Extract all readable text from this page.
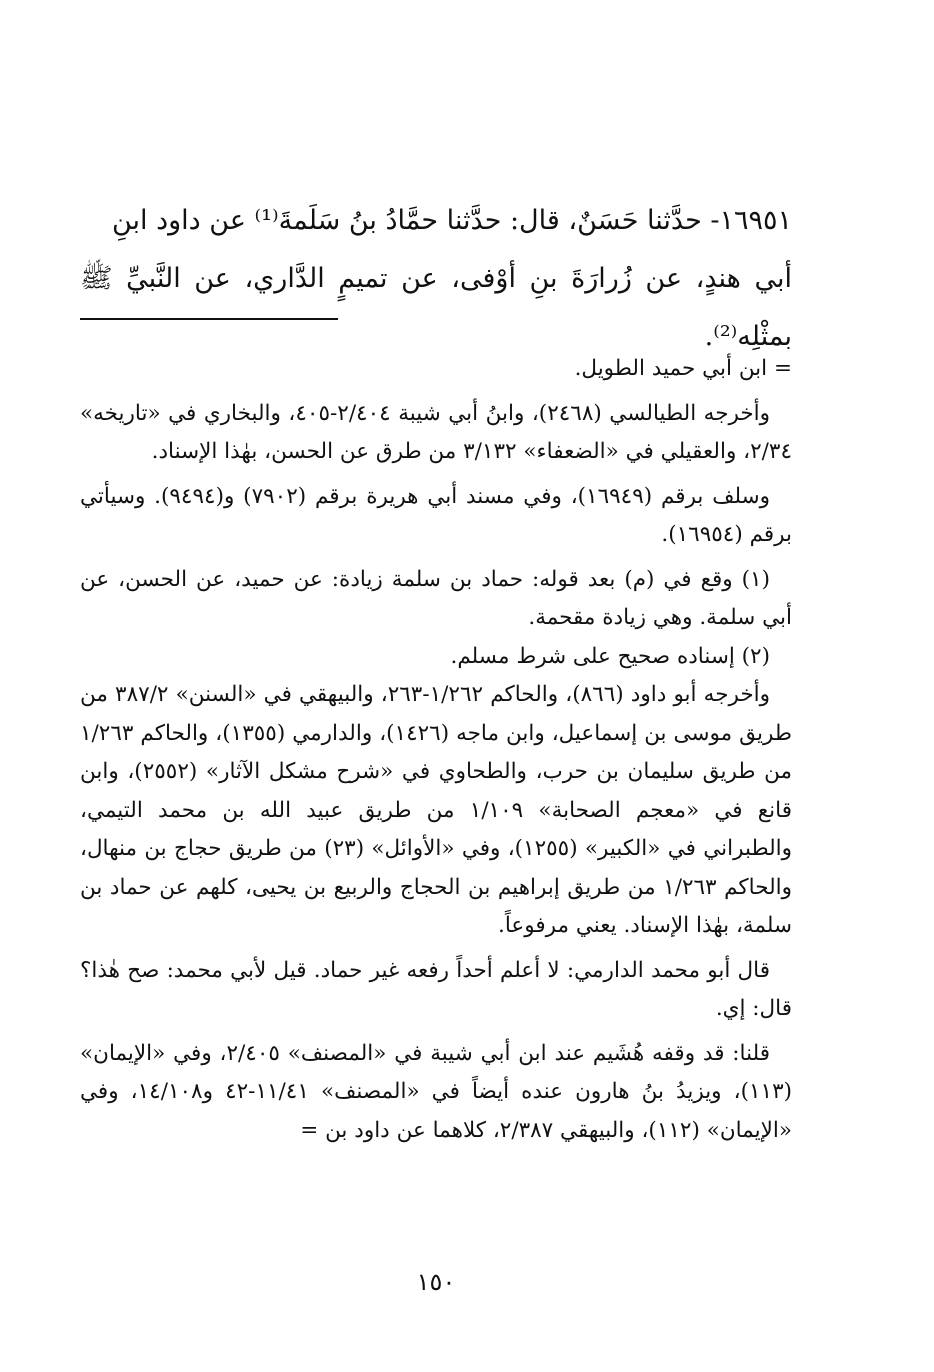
١٦٩٥١- حدَّثنا حَسَنٌ، قال: حدَّثنا حمَّادُ بنُ سَلَمةَ⁽¹⁾ عن داود ابنِ

أبي هندٍ، عن زُرارَةَ بنِ أوْفى، عن تميمٍ الدَّاري، عن النَّبيِّ ﷺ بمثْلِه⁽²⁾.

= ابن أبي حميد الطويل.

وأخرجه الطيالسي (٢٤٦٨)، وابنُ أبي شيبة ٢/٤٠٤-٤٠٥، والبخاري في «تاريخه» ٢/٣٤، والعقيلي في «الضعفاء» ٣/١٣٢ من طرق عن الحسن، بهٰذا الإسناد.

وسلف برقم (١٦٩٤٩)، وفي مسند أبي هريرة برقم (٧٩٠٢) و(٩٤٩٤). وسيأتي برقم (١٦٩٥٤).

(١) وقع في (م) بعد قوله: حماد بن سلمة زيادة: عن حميد، عن الحسن، عن أبي سلمة. وهي زيادة مقحمة.

(٢) إسناده صحيح على شرط مسلم.

وأخرجه أبو داود (٨٦٦)، والحاكم ١/٢٦٢-٢٦٣، والبيهقي في «السنن» ٣٨٧/٢ من طريق موسى بن إسماعيل، وابن ماجه (١٤٢٦)، والدارمي (١٣٥٥)، والحاكم ١/٢٦٣ من طريق سليمان بن حرب، والطحاوي في «شرح مشكل الآثار» (٢٥٥٢)، وابن قانع في «معجم الصحابة» ١/١٠٩ من طريق عبيد الله بن محمد التيمي، والطبراني في «الكبير» (١٢٥٥)، وفي «الأوائل» (٢٣) من طريق حجاج بن منهال، والحاكم ١/٢٦٣ من طريق إبراهيم بن الحجاج والربيع بن يحيى، كلهم عن حماد بن سلمة، بهٰذا الإسناد. يعني مرفوعاً.

قال أبو محمد الدارمي: لا أعلم أحداً رفعه غير حماد. قيل لأبي محمد: صح هٰذا؟ قال: إي.

قلنا: قد وقفه هُشَيم عند ابن أبي شيبة في «المصنف» ٢/٤٠٥، وفي «الإيمان» (١١٣)، ويزيدُ بنُ هارون عنده أيضاً في «المصنف» ١١/٤١-٤٢ و١٤/١٠٨، وفي «الإيمان» (١١٢)، والبيهقي ٢/٣٨٧، كلاهما عن داود بن =

١٥٠
